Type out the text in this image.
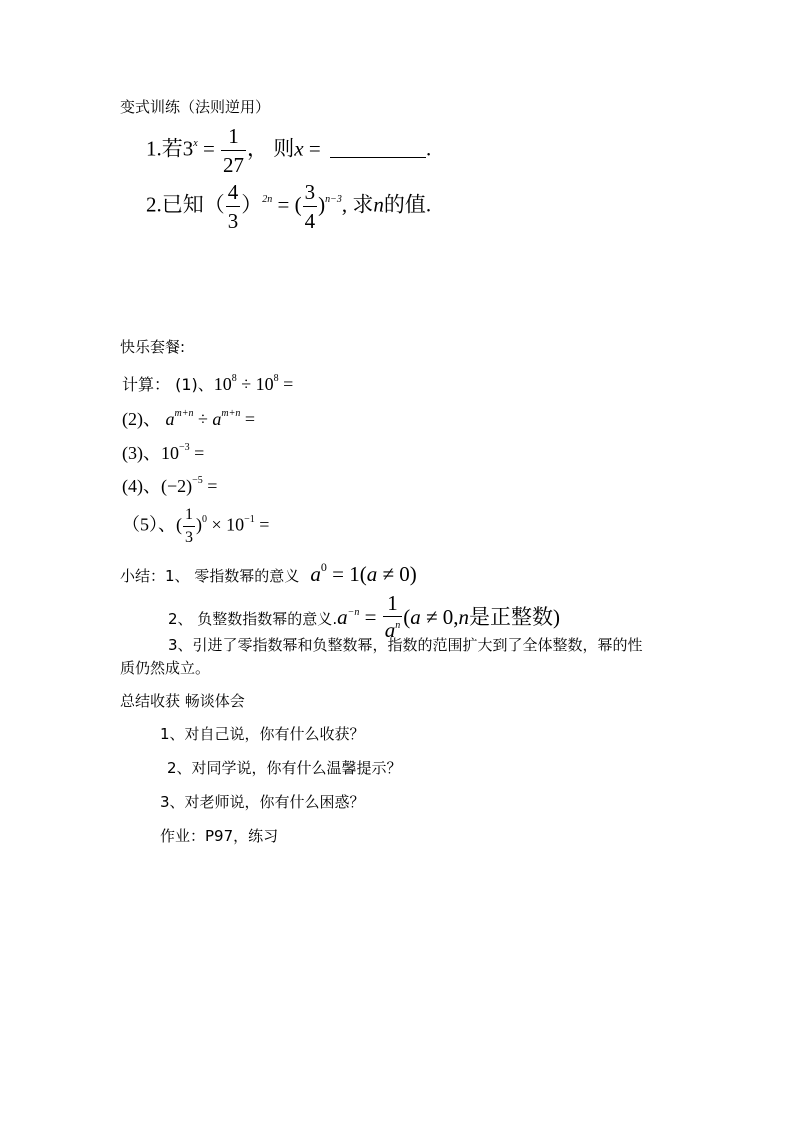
变式训练（法则逆用）
1.若$3^x = \frac{1}{27}$ ， 则x =	.
2.已知（ $\frac{4}{3} )^{2n}$ = ( $\frac{3}{4} )^{n-3}$, 求n的值.
快乐套餐:
计算： (1)、$10^8 \div 10^8$ =
(2)、 $a^{m+n} \div a^{m+n}$ =
(3)、$10^{-3}$ =
(4)、$(-2)^{-5}$ =
（5）、( $\frac{1}{3} )^0 \times 10^{-1}$ =
小结：1、 零指数幂的意义 $a^0 = 1(a \ne 0)$
2、 负整数指数幂的意义$.a^{-n} = \frac{1}{a^n} (a \ne 0,n$是正整数)
3、引进了零指数幂和负整数幂，指数的范围扩大到了全体整数，幂的性
质仍然成立。
总结收获 畅谈体会
1、对自己说，你有什么收获？
2、对同学说，你有什么温馨提示？
3、对老师说，你有什么困惑？
作业：P97，练习
